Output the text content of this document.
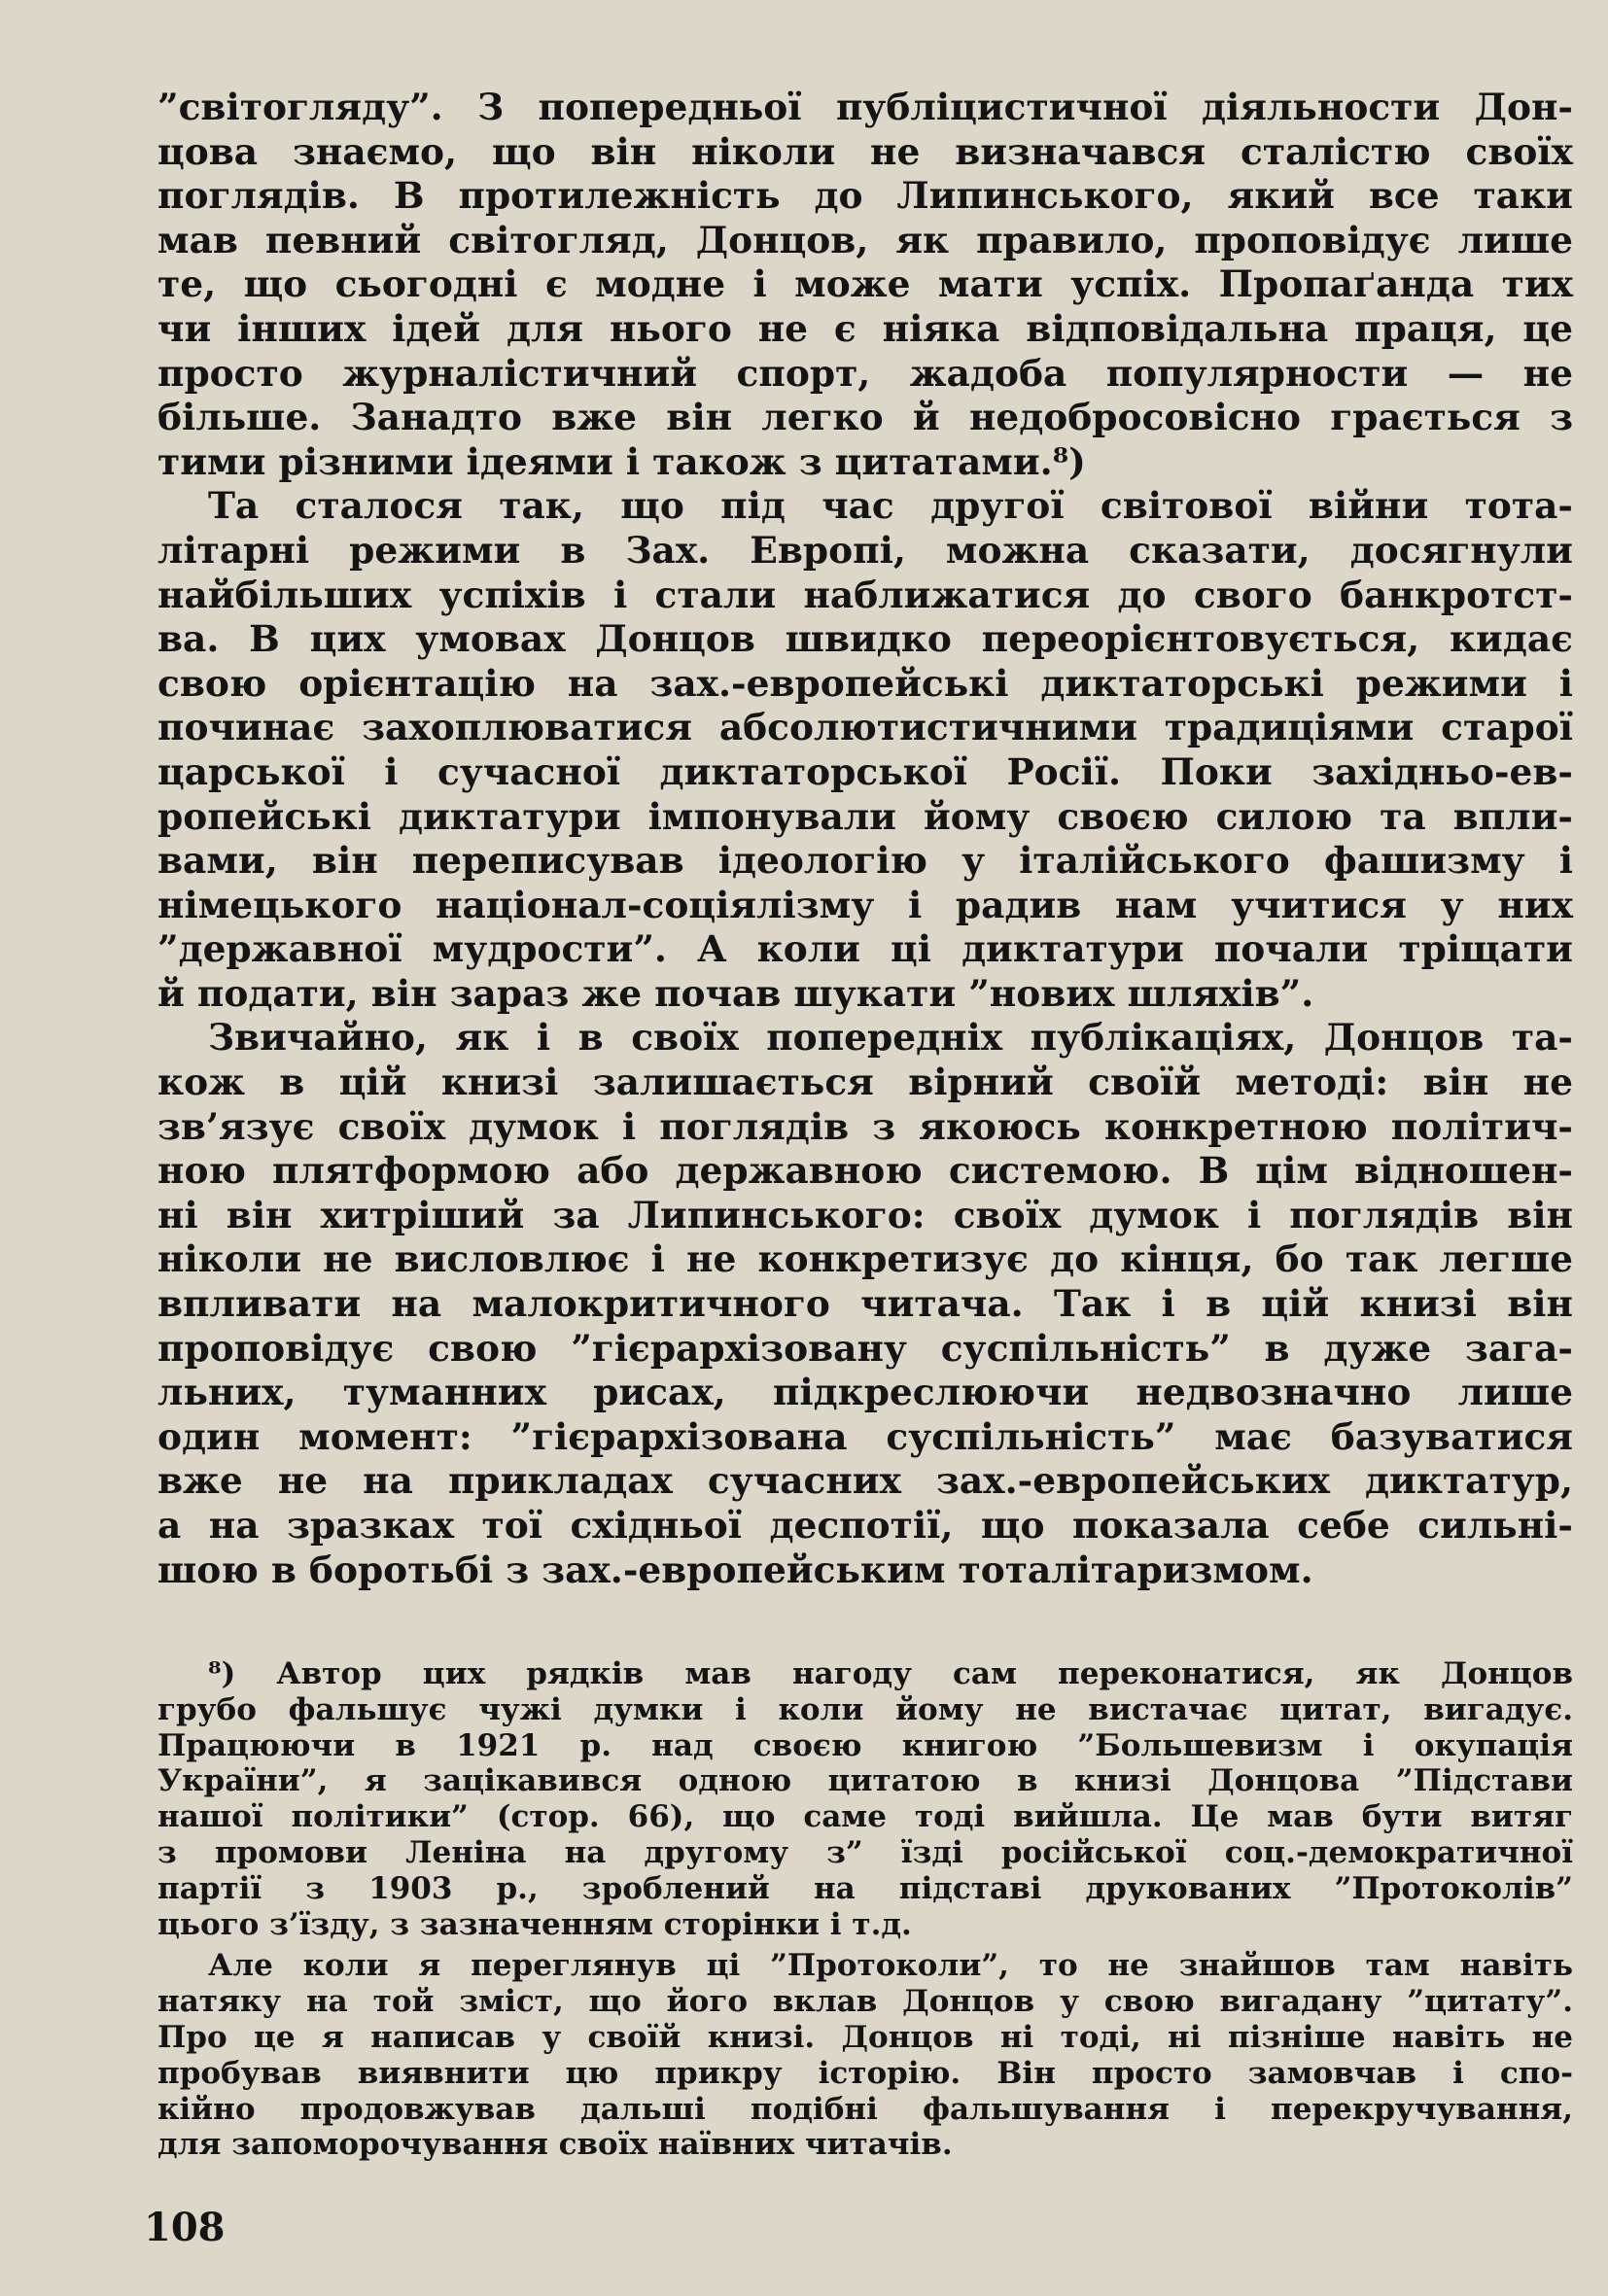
”світогляду”. З попередньої публіцистичної діяльности Дон-
цова знаємо, що він ніколи не визначався сталістю своїх
поглядів. В протилежність до Липинського, який все таки
мав певний світогляд, Донцов, як правило, проповідує лише
те, що сьогодні є модне і може мати успіх. Пропаґанда тих
чи інших ідей для нього не є ніяка відповідальна праця, це
просто журналістичний спорт, жадоба популярности — не
більше. Занадто вже він легко й недобросовісно грається з
тими різними ідеями і також з цитатами.⁸)
Та сталося так, що під час другої світової війни тота-
літарні режими в Зах. Европі, можна сказати, досягнули
найбільших успіхів і стали наближатися до свого банкротст-
ва. В цих умовах Донцов швидко переорієнтовується, кидає
свою орієнтацію на зах.-европейські диктаторські режими і
починає захоплюватися абсолютистичними традиціями старої
царської і сучасної диктаторської Росії. Поки західньо-ев-
ропейські диктатури імпонували йому своєю силою та впли-
вами, він переписував ідеологію у італійського фашизму і
німецького націонал-соціялізму і радив нам учитися у них
”державної мудрости”. А коли ці диктатури почали тріщати
й подати, він зараз же почав шукати ”нових шляхів”.
Звичайно, як і в своїх попередніх публікаціях, Донцов та-
кож в цій книзі залишається вірний своїй методі: він не
зв’язує своїх думок і поглядів з якоюсь конкретною політич-
ною плятформою або державною системою. В цім відношен-
ні він хитріший за Липинського: своїх думок і поглядів він
ніколи не висловлює і не конкретизує до кінця, бо так легше
впливати на малокритичного читача. Так і в цій книзі він
проповідує свою ”гієрархізовану суспільність” в дуже зага-
льних, туманних рисах, підкреслюючи недвозначно лише
один момент: ”гієрархізована суспільність” має базуватися
вже не на прикладах сучасних зах.-европейських диктатур,
а на зразках тої східньої деспотії, що показала себе сильні-
шою в боротьбі з зах.-европейським тоталітаризмом.
⁸) Автор цих рядків мав нагоду сам переконатися, як Донцов
грубо фальшує чужі думки і коли йому не вистачає цитат, вигадує.
Працюючи в 1921 р. над своєю книгою ”Большевизм і окупація
України”, я зацікавився одною цитатою в книзі Донцова ”Підстави
нашої політики” (стор. 66), що саме тоді вийшла. Це мав бути витяг
з промови Леніна на другому з” їзді російської соц.-демократичної
партії з 1903 р., зроблений на підставі друкованих ”Протоколів”
цього з’їзду, з зазначенням сторінки і т.д.
Але коли я переглянув ці ”Протоколи”, то не знайшов там навіть
натяку на той зміст, що його вклав Донцов у свою вигадану ”цитату”.
Про це я написав у своїй книзі. Донцов ні тоді, ні пізніше навіть не
пробував виявнити цю прикру історію. Він просто замовчав і спо-
кійно продовжував дальші подібні фальшування і перекручування,
для запоморочування своїх наївних читачів.
108
